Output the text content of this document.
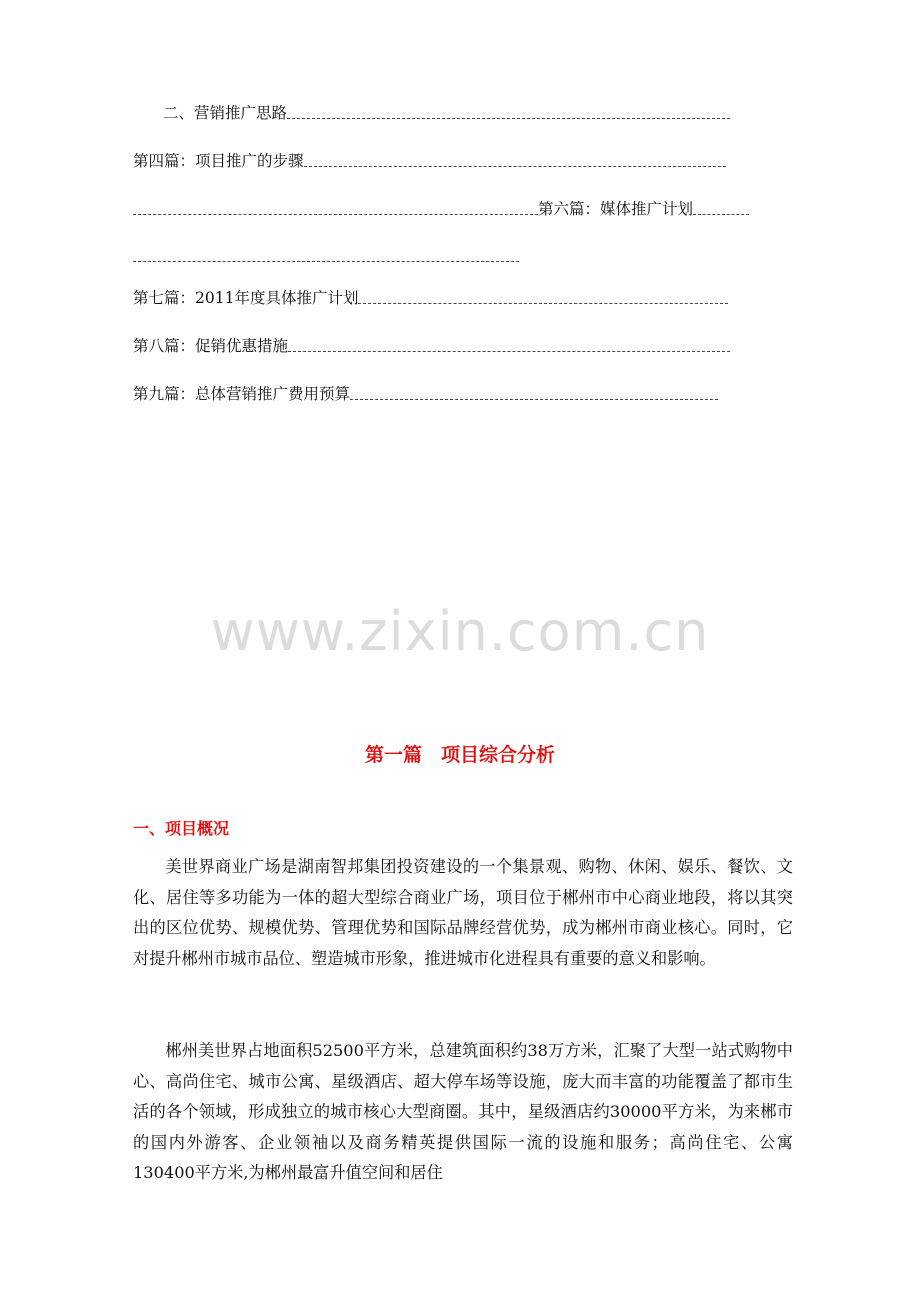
二、营销推广思路
第四篇：项目推广的步骤
第六篇：媒体推广计划
第七篇：2011年度具体推广计划
第八篇：促销优惠措施
第九篇：总体营销推广费用预算
www.zixin.com.cn
第一篇　项目综合分析
一、项目概况

美世界商业广场是湖南智邦集团投资建设的一个集景观、购物、休闲、娱乐、餐饮、文化、居住等多功能为一体的超大型综合商业广场，项目位于郴州市中心商业地段，将以其突出的区位优势、规模优势、管理优势和国际品牌经营优势，成为郴州市商业核心。同时，它对提升郴州市城市品位、塑造城市形象，推进城市化进程具有重要的意义和影响。

郴州美世界占地面积52500平方米，总建筑面积约38万方米，汇聚了大型一站式购物中心、高尚住宅、城市公寓、星级酒店、超大停车场等设施，庞大而丰富的功能覆盖了都市生活的各个领域，形成独立的城市核心大型商圈。其中，星级酒店约30000平方米，为来郴市的国内外游客、企业领袖以及商务精英提供国际一流的设施和服务；高尚住宅、公寓130400平方米,为郴州最富升值空间和居住
